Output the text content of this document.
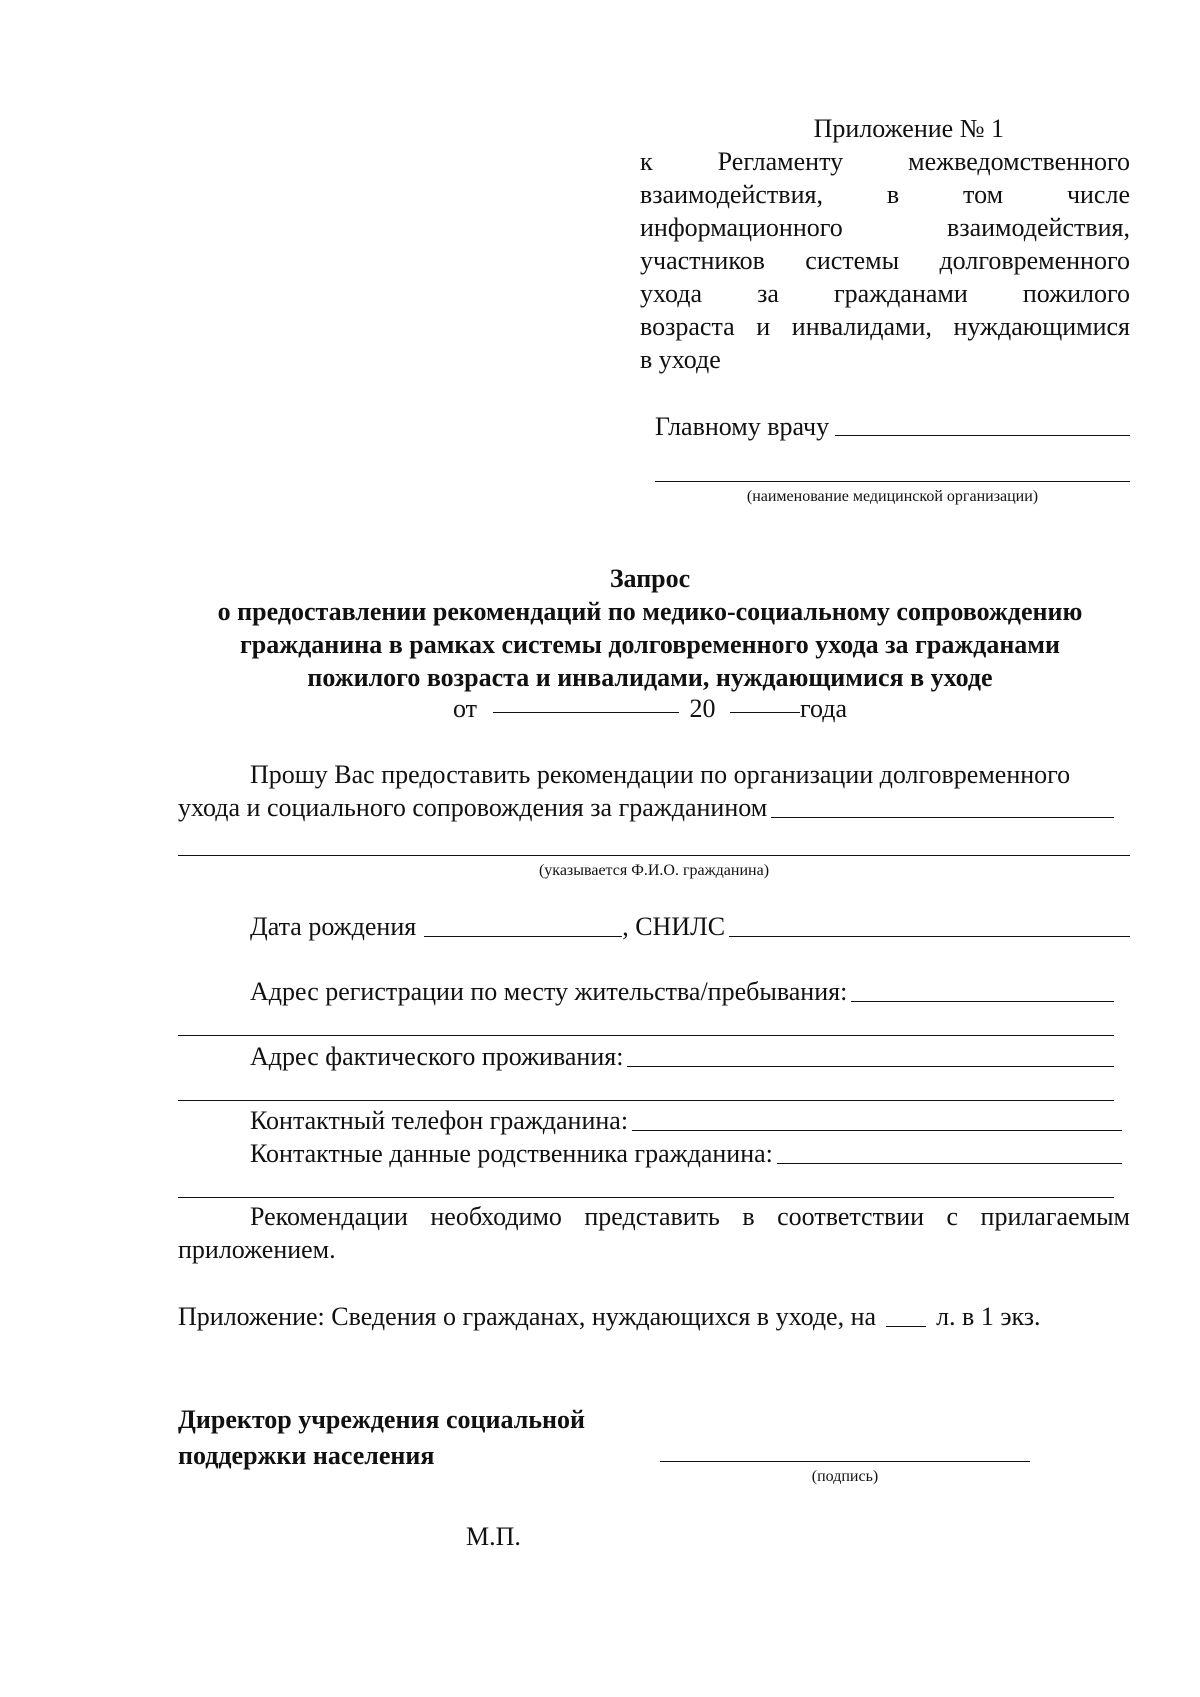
Приложение № 1
к Регламенту межведомственного
взаимодействия, в том числе
информационного взаимодействия,
участников системы долговременного
ухода за гражданами пожилого
возраста и инвалидами, нуждающимися
в уходе
Главному врачу
(наименование медицинской организации)
Запрос
о предоставлении рекомендаций по медико-социальному сопровождению
гражданина в рамках системы долговременного ухода за гражданами
пожилого возраста и инвалидами, нуждающимися в уходе
от	20	года
Прошу Вас предоставить рекомендации по организации долговременного
ухода и социального сопровождения за гражданином
(указывается Ф.И.О. гражданина)
Дата рождения	, СНИЛС
Адрес регистрации по месту жительства/пребывания:
Адрес фактического проживания:
Контактный телефон гражданина:
Контактные данные родственника гражданина:
Рекомендации необходимо представить в соответствии с прилагаемым приложением.
Приложение: Сведения о гражданах, нуждающихся в уходе, на л. в 1 экз.
Директор учреждения социальной
поддержки населения
(подпись)
М.П.
